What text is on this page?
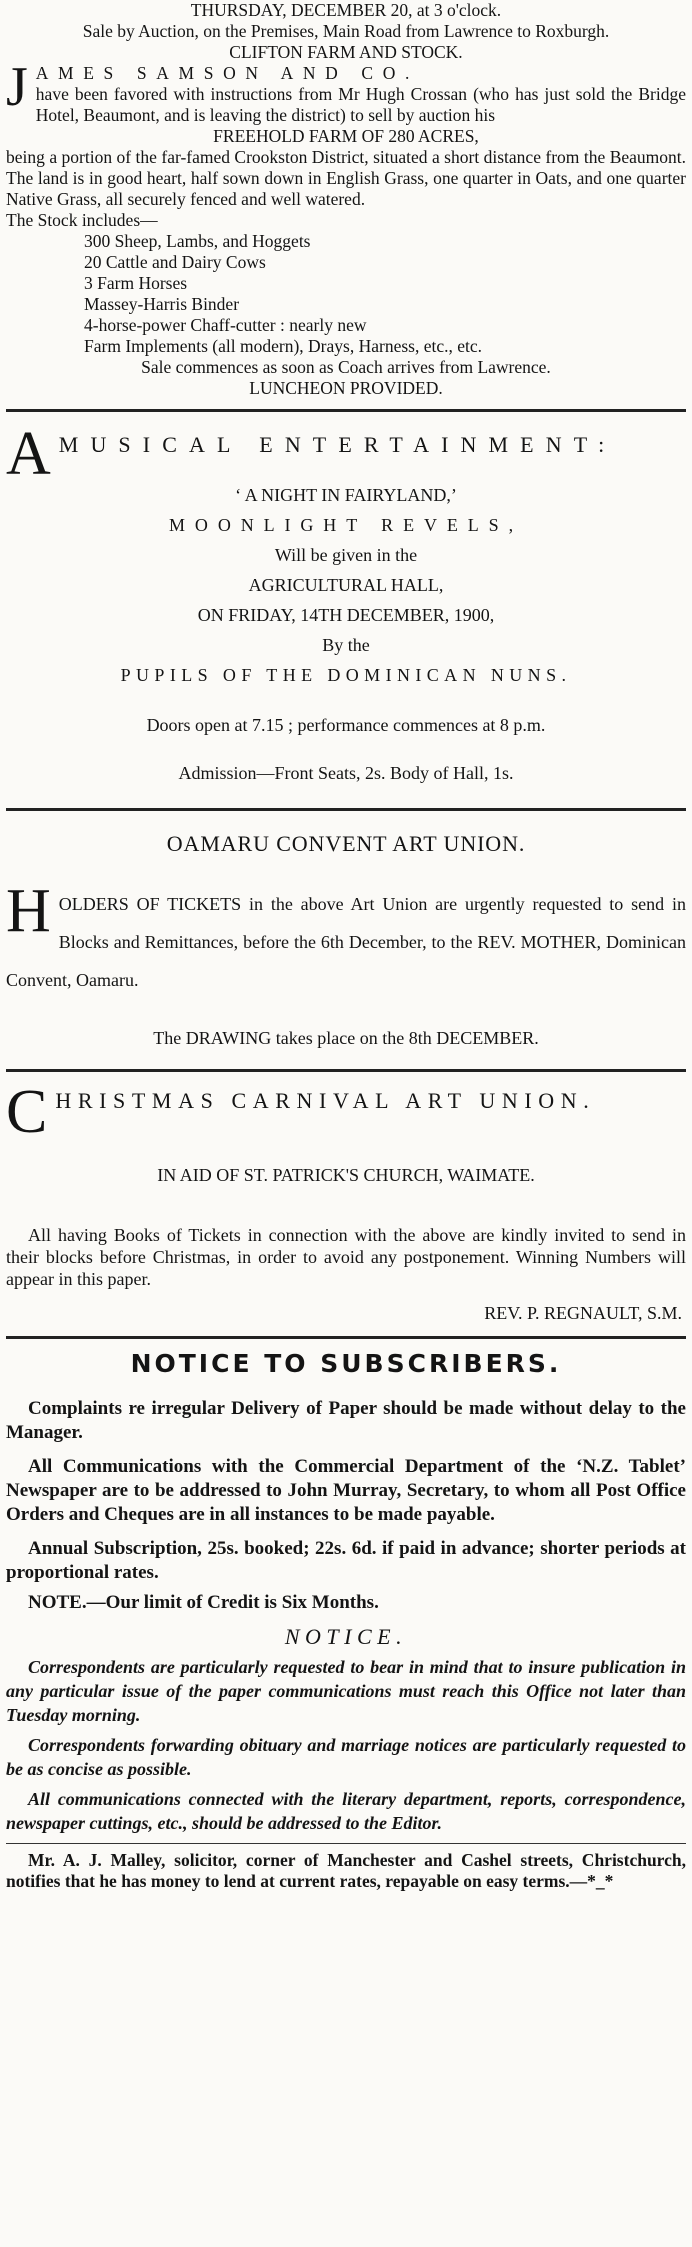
THURSDAY, DECEMBER 20, at 3 o'clock.

Sale by Auction, on the Premises, Main Road from Lawrence to Roxburgh.

CLIFTON FARM AND STOCK.

J AMES SAMSON AND CO.

have been favored with instructions from Mr Hugh Crossan (who has just sold the Bridge Hotel, Beaumont, and is leaving the district) to sell by auction his

FREEHOLD FARM OF 280 ACRES,

being a portion of the far-famed Crookston District, situated a short distance from the Beaumont. The land is in good heart, half sown down in English Grass, one quarter in Oats, and one quarter Native Grass, all securely fenced and well watered.

The Stock includes—

300 Sheep, Lambs, and Hoggets

20 Cattle and Dairy Cows

3 Farm Horses

Massey-Harris Binder

4-horse-power Chaff-cutter : nearly new

Farm Implements (all modern), Drays, Harness, etc., etc.

Sale commences as soon as Coach arrives from Lawrence.

LUNCHEON PROVIDED.

A MUSICAL ENTERTAINMENT:

‘ A NIGHT IN FAIRYLAND,’

MOONLIGHT REVELS,

Will be given in the

AGRICULTURAL HALL,

ON FRIDAY, 14TH DECEMBER, 1900,

By the

PUPILS OF THE DOMINICAN NUNS.

Doors open at 7.15 ; performance commences at 8 p.m.

Admission—Front Seats, 2s. Body of Hall, 1s.

OAMARU CONVENT ART UNION.

H OLDERS OF TICKETS in the above Art Union are urgently requested to send in Blocks and Remittances, before the 6th December, to the REV. MOTHER, Dominican Convent, Oamaru.

The DRAWING takes place on the 8th DECEMBER.

C HRISTMAS CARNIVAL ART UNION.

IN AID OF ST. PATRICK'S CHURCH, WAIMATE.

All having Books of Tickets in connection with the above are kindly invited to send in their blocks before Christmas, in order to avoid any postponement. Winning Numbers will appear in this paper.

REV. P. REGNAULT, S.M.

NOTICE TO SUBSCRIBERS.

Complaints re irregular Delivery of Paper should be made without delay to the Manager.

All Communications with the Commercial Department of the ‘N.Z. Tablet’ Newspaper are to be addressed to John Murray, Secretary, to whom all Post Office Orders and Cheques are in all instances to be made payable.

Annual Subscription, 25s. booked; 22s. 6d. if paid in advance; shorter periods at proportional rates.

NOTE.—Our limit of Credit is Six Months.

NOTICE.

Correspondents are particularly requested to bear in mind that to insure publication in any particular issue of the paper communications must reach this Office not later than Tuesday morning.

Correspondents forwarding obituary and marriage notices are particularly requested to be as concise as possible.

All communications connected with the literary department, reports, correspondence, newspaper cuttings, etc., should be addressed to the Editor.

Mr. A. J. Malley, solicitor, corner of Manchester and Cashel streets, Christchurch, notifies that he has money to lend at current rates, repayable on easy terms.—*_*
